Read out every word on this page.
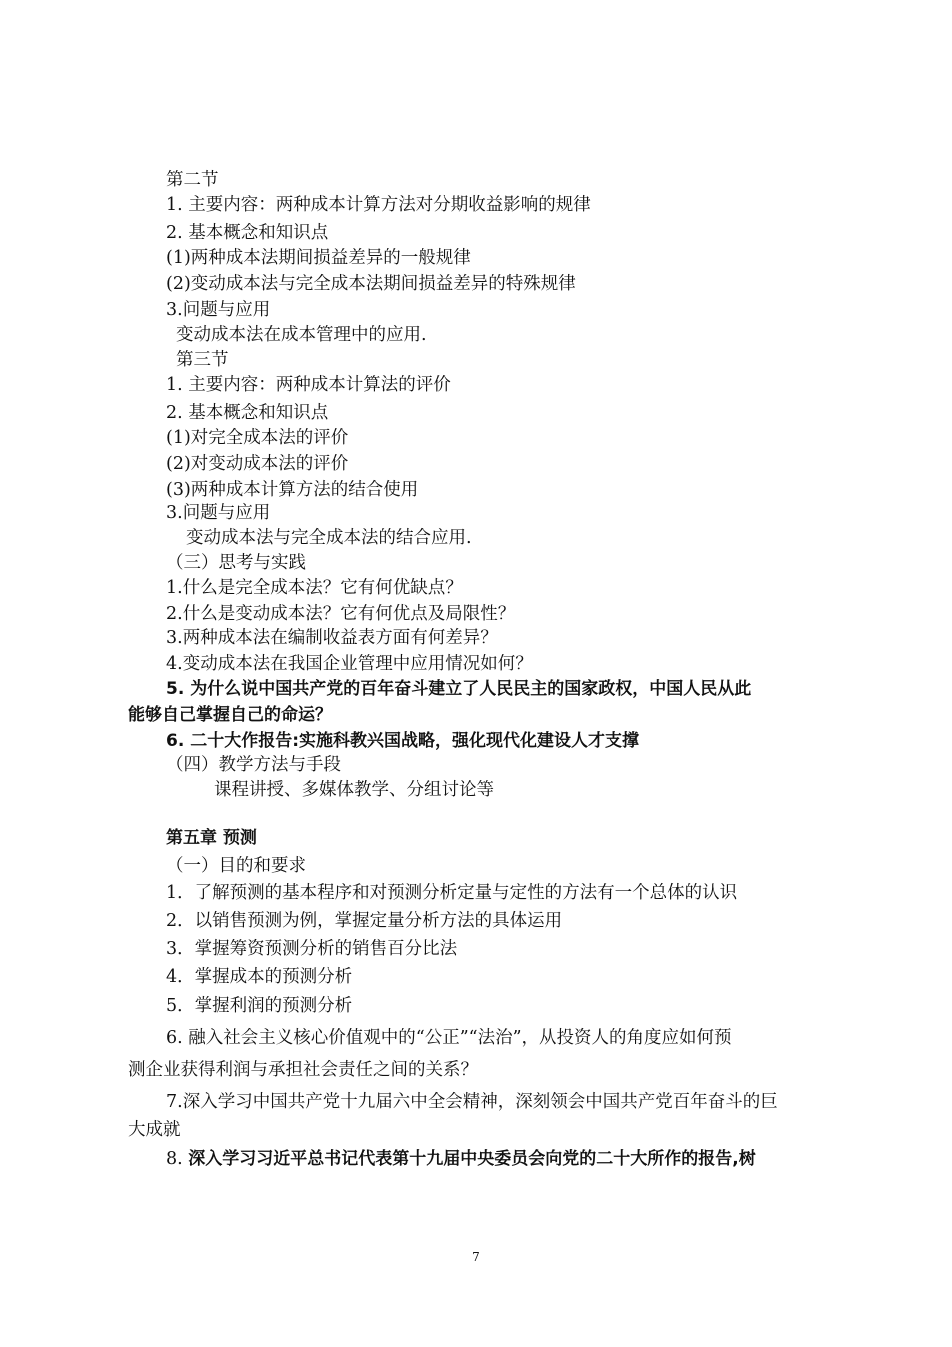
第二节
1. 主要内容：两种成本计算方法对分期收益影响的规律
2. 基本概念和知识点
(1)两种成本法期间损益差异的一般规律
(2)变动成本法与完全成本法期间损益差异的特殊规律
3.问题与应用
变动成本法在成本管理中的应用.
第三节
1. 主要内容：两种成本计算法的评价
2. 基本概念和知识点
(1)对完全成本法的评价
(2)对变动成本法的评价
(3)两种成本计算方法的结合使用
3.问题与应用
变动成本法与完全成本法的结合应用.
（三）思考与实践
1.什么是完全成本法？它有何优缺点？
2.什么是变动成本法？它有何优点及局限性？
3.两种成本法在编制收益表方面有何差异？
4.变动成本法在我国企业管理中应用情况如何？
5. 为什么说中国共产党的百年奋斗建立了人民民主的国家政权，中国人民从此
能够自己掌握自己的命运？
6. 二十大作报告:实施科教兴国战略，强化现代化建设人才支撑
（四）教学方法与手段
课程讲授、多媒体教学、分组讨论等
第五章 预测
（一）目的和要求
1．了解预测的基本程序和对预测分析定量与定性的方法有一个总体的认识
2．以销售预测为例，掌握定量分析方法的具体运用
3．掌握筹资预测分析的销售百分比法
4．掌握成本的预测分析
5．掌握利润的预测分析
6. 融入社会主义核心价值观中的“公正”“法治”，从投资人的角度应如何预
测企业获得利润与承担社会责任之间的关系？
7.深入学习中国共产党十九届六中全会精神，深刻领会中国共产党百年奋斗的巨
大成就
8. 深入学习习近平总书记代表第十九届中央委员会向党的二十大所作的报告,树
7
